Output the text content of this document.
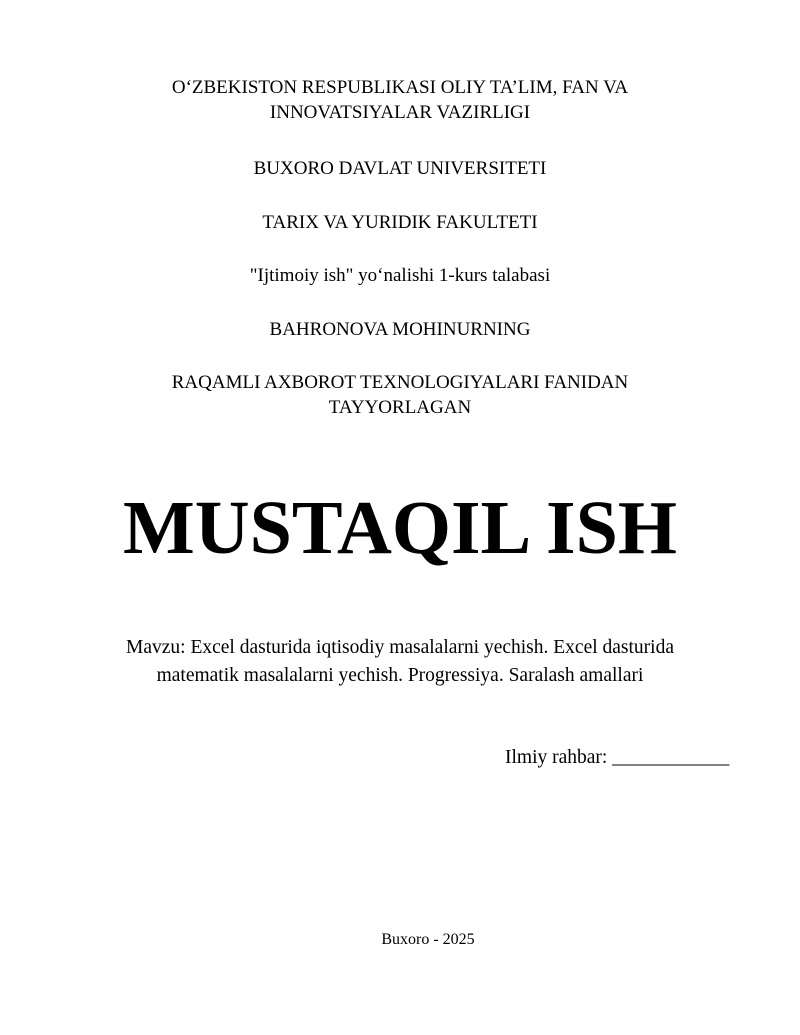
O‘ZBEKISTON RESPUBLIKASI OLIY TA’LIM, FAN VA
INNOVATSIYALAR VAZIRLIGI
BUXORO DAVLAT UNIVERSITETI
TARIX VA YURIDIK FAKULTETI
"Ijtimoiy ish" yo‘nalishi 1-kurs talabasi
BAHRONOVA MOHINURNING
RAQAMLI AXBOROT TEXNOLOGIYALARI FANIDAN
TAYYORLAGAN
MUSTAQIL ISH
Mavzu: Excel dasturida iqtisodiy masalalarni yechish. Excel dasturida
matematik masalalarni yechish. Progressiya. Saralash amallari
Ilmiy rahbar: ____________
Buxoro - 2025
